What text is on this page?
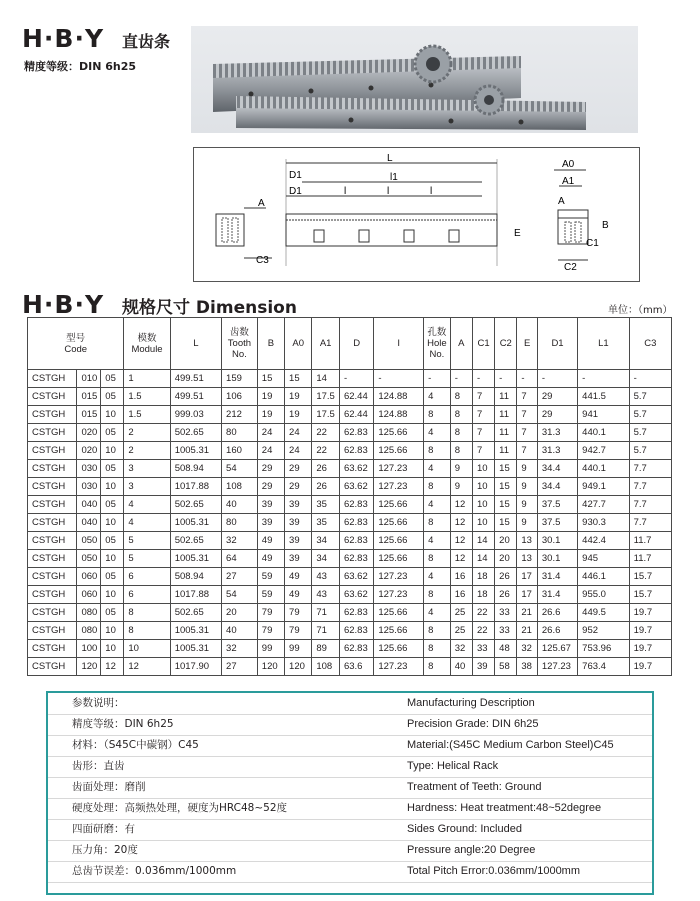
H·B·Y 直齿条
精度等级：DIN 6h25
L
l1
D1
D1	l	l	l
A
C3
A0
A1
A
B
C1
E
C2
H·B·Y 规格尺寸 Dimension	单位：（mm）
型号
Code			模数
Module	L	齿数
Tooth
No.	B	A0	A1	D	I	孔数
Hole
No.	A	C1	C2	E	D1	L1	C3
CSTGH	010	05	1	499.51	159	15	15	14	-	-	-	-	-	-	-	-	-	-
CSTGH	015	05	1.5	499.51	106	19	19	17.5	62.44	124.88	4	8	7	11	7	29	441.5	5.7
CSTGH	015	10	1.5	999.03	212	19	19	17.5	62.44	124.88	8	8	7	11	7	29	941	5.7
CSTGH	020	05	2	502.65	80	24	24	22	62.83	125.66	4	8	7	11	7	31.3	440.1	5.7
CSTGH	020	10	2	1005.31	160	24	24	22	62.83	125.66	8	8	7	11	7	31.3	942.7	5.7
CSTGH	030	05	3	508.94	54	29	29	26	63.62	127.23	4	9	10	15	9	34.4	440.1	7.7
CSTGH	030	10	3	1017.88	108	29	29	26	63.62	127.23	8	9	10	15	9	34.4	949.1	7.7
CSTGH	040	05	4	502.65	40	39	39	35	62.83	125.66	4	12	10	15	9	37.5	427.7	7.7
CSTGH	040	10	4	1005.31	80	39	39	35	62.83	125.66	8	12	10	15	9	37.5	930.3	7.7
CSTGH	050	05	5	502.65	32	49	39	34	62.83	125.66	4	12	14	20	13	30.1	442.4	11.7
CSTGH	050	10	5	1005.31	64	49	39	34	62.83	125.66	8	12	14	20	13	30.1	945	11.7
CSTGH	060	05	6	508.94	27	59	49	43	63.62	127.23	4	16	18	26	17	31.4	446.1	15.7
CSTGH	060	10	6	1017.88	54	59	49	43	63.62	127.23	8	16	18	26	17	31.4	955.0	15.7
CSTGH	080	05	8	502.65	20	79	79	71	62.83	125.66	4	25	22	33	21	26.6	449.5	19.7
CSTGH	080	10	8	1005.31	40	79	79	71	62.83	125.66	8	25	22	33	21	26.6	952	19.7
CSTGH	100	10	10	1005.31	32	99	99	89	62.83	125.66	8	32	33	48	32	125.67	753.96	19.7
CSTGH	120	12	12	1017.90	27	120	120	108	63.6	127.23	8	40	39	58	38	127.23	763.4	19.7
参数说明：	Manufacturing Description
精度等级：DIN 6h25	Precision Grade: DIN 6h25
材料：（S45C中碳钢）C45	Material:(S45C Medium Carbon Steel)C45
齿形：直齿	Type: Helical Rack
齿面处理：磨削	Treatment of Teeth: Ground
硬度处理：高频热处理，硬度为HRC48~52度	Hardness: Heat treatment:48~52degree
四面研磨：有	Sides Ground: Included
压力角：20度	Pressure angle:20 Degree
总齿节误差：0.036mm/1000mm	Total Pitch Error:0.036mm/1000mm
